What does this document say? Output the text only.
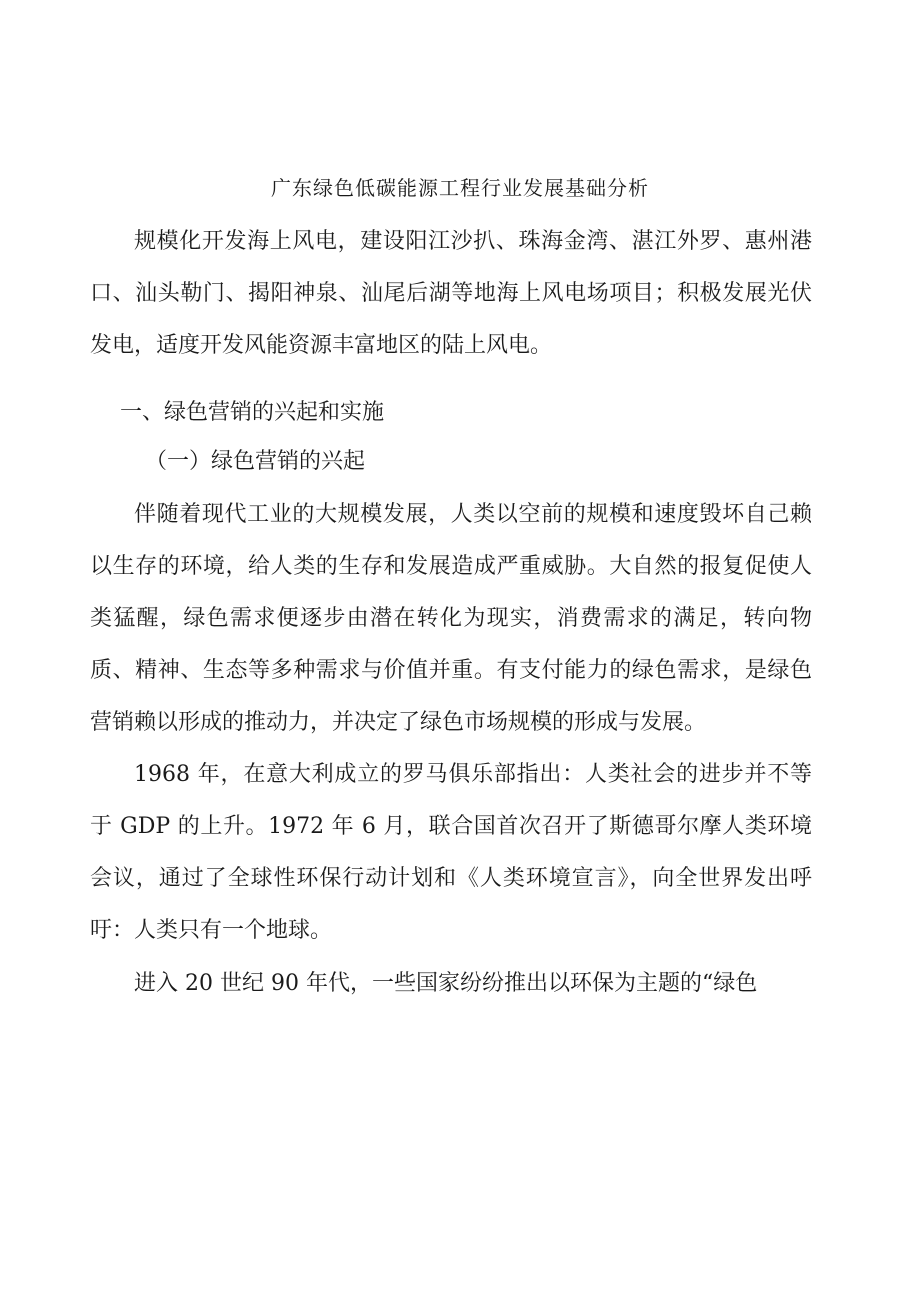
广东绿色低碳能源工程行业发展基础分析

规模化开发海上风电，建设阳江沙扒、珠海金湾、湛江外罗、惠州港口、汕头勒门、揭阳神泉、汕尾后湖等地海上风电场项目；积极发展光伏发电，适度开发风能资源丰富地区的陆上风电。

一、绿色营销的兴起和实施

（一）绿色营销的兴起

伴随着现代工业的大规模发展，人类以空前的规模和速度毁坏自己赖以生存的环境，给人类的生存和发展造成严重威胁。大自然的报复促使人类猛醒，绿色需求便逐步由潜在转化为现实，消费需求的满足，转向物质、精神、生态等多种需求与价值并重。有支付能力的绿色需求，是绿色营销赖以形成的推动力，并决定了绿色市场规模的形成与发展。

1968 年，在意大利成立的罗马俱乐部指出：人类社会的进步并不等于 GDP 的上升。1972 年 6 月，联合国首次召开了斯德哥尔摩人类环境会议，通过了全球性环保行动计划和《人类环境宣言》，向全世界发出呼吁：人类只有一个地球。

进入 20 世纪 90 年代，一些国家纷纷推出以环保为主题的“绿色
